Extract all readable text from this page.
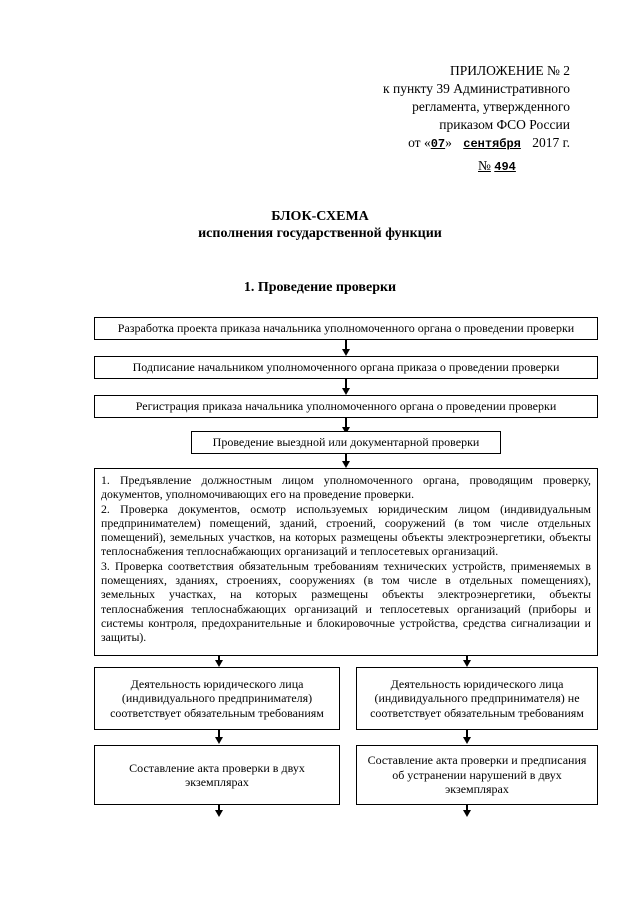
ПРИЛОЖЕНИЕ № 2
к пункту 39 Административного
регламента, утвержденного
приказом ФСО России
от «07» сентября 2017 г.
№ 494
БЛОК-СХЕМА
исполнения государственной функции
1. Проведение проверки
Разработка проекта приказа начальника уполномоченного органа о проведении проверки
Подписание начальником уполномоченного органа приказа о проведении проверки
Регистрация приказа начальника уполномоченного органа о проведении проверки
Проведение выездной или документарной проверки

1. Предъявление должностным лицом уполномоченного органа, проводящим проверку, документов, уполномочивающих его на проведение проверки.

2. Проверка документов, осмотр используемых юридическим лицом (индивидуальным предпринимателем) помещений, зданий, строений, сооружений (в том числе отдельных помещений), земельных участков, на которых размещены объекты электроэнергетики, объекты теплоснабжения теплоснабжающих организаций и теплосетевых организаций.

3. Проверка соответствия обязательным требованиям технических устройств, применяемых в помещениях, зданиях, строениях, сооружениях (в том числе в отдельных помещениях), земельных участках, на которых размещены объекты электроэнергетики, объекты теплоснабжения теплоснабжающих организаций и теплосетевых организаций (приборы и системы контроля, предохранительные и блокировочные устройства, средства сигнализации и защиты).

Деятельность юридического лица (индивидуального предпринимателя) соответствует обязательным требованиям
Деятельность юридического лица (индивидуального предпринимателя) не соответствует обязательным требованиям
Составление акта проверки в двух экземплярах
Составление акта проверки и предписания об устранении нарушений в двух экземплярах
